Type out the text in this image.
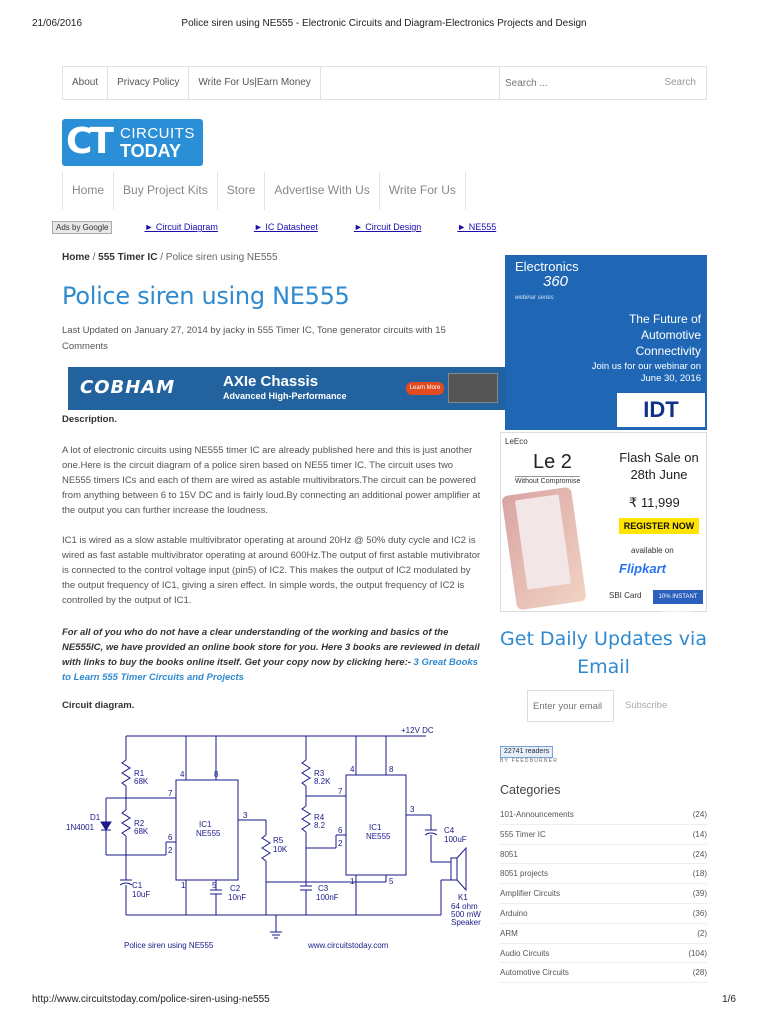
21/06/2016	Police siren using NE555 - Electronic Circuits and Diagram-Electronics Projects and Design
About	Privacy Policy	Write For Us|Earn Money
Search ...	Search
CT CIRCUITS
TODAY
Home	Buy Project Kits	Store	Advertise With Us	Write For Us
Ads by Google	► Circuit Diagram	► IC Datasheet	► Circuit Design	► NE555
Home / 555 Timer IC / Police siren using NE555
Police siren using NE555
Last Updated on January 27, 2014 by jacky in 555 Timer IC, Tone generator circuits with 15 Comments
COBHAM	AXIe Chassis
Advanced High-Performance
Learn More
Description.
A lot of electronic circuits using NE555 timer IC are already published here and this is just another one.Here is the circuit diagram of a police siren based on NE55 timer IC. The circuit uses two NE555 timers ICs and each of them are wired as astable multivibrators.The circuit can be powered from anything between 6 to 15V DC and is fairly loud.By connecting an additional power amplifier at the output you can further increase the loudness.
IC1 is wired as a slow astable multivibrator operating at around 20Hz @ 50% duty cycle and IC2 is wired as fast astable multivibrator operating at around 600Hz.The output of first astable mutivibrator is connected to the control voltage input (pin5) of IC2. This makes the output of IC2 modulated by the output frequency of IC1, giving a siren effect. In simple words, the output frequency of IC2 is controlled by the output of IC1.
For all of you who do not have a clear understanding of the working and basics of the NE555IC, we have provided an online book store for you. Here 3 books are reviewed in detail with links to buy the books online itself. Get your copy now by clicking here:- 3 Great Books to Learn 555 Timer Circuits and Projects
Circuit diagram.
+12V DC
R1
68K
R2
68K
D1
1N4001
C1
10uF
C2
10nF
IC1
NE555
R5
10K
R3
8.2K
R4
8.2
C3
100nF
IC1
NE555
C4
100uF
K1
64 ohm
500 mW
Speaker
4	8
7
6
2
1	5
3
4	8
7
6
2
1	5
3
Police siren using NE555	www.circuitstoday.com
Electronics
360
webinar series
The Future of Automotive Connectivity
Join us for our webinar on June 30, 2016
IDT
LeEco
Le 2
Without Compromise
Flash Sale on 28th June
₹ 11,999
REGISTER NOW
available on
Flipkart
SBI Card	10% INSTANT DISCOUNT
Get Daily Updates via Email
Enter your email
Subscribe
22741 readers
BY FEEDBURNER
Categories
101-Announcements	(24)
555 Timer IC	(14)
8051	(24)
8051 projects	(18)
Amplifier Circuits	(39)
Arduino	(36)
ARM	(2)
Audio Circuits	(104)
Automotive Circuits	(28)
http://www.circuitstoday.com/police-siren-using-ne555	1/6
